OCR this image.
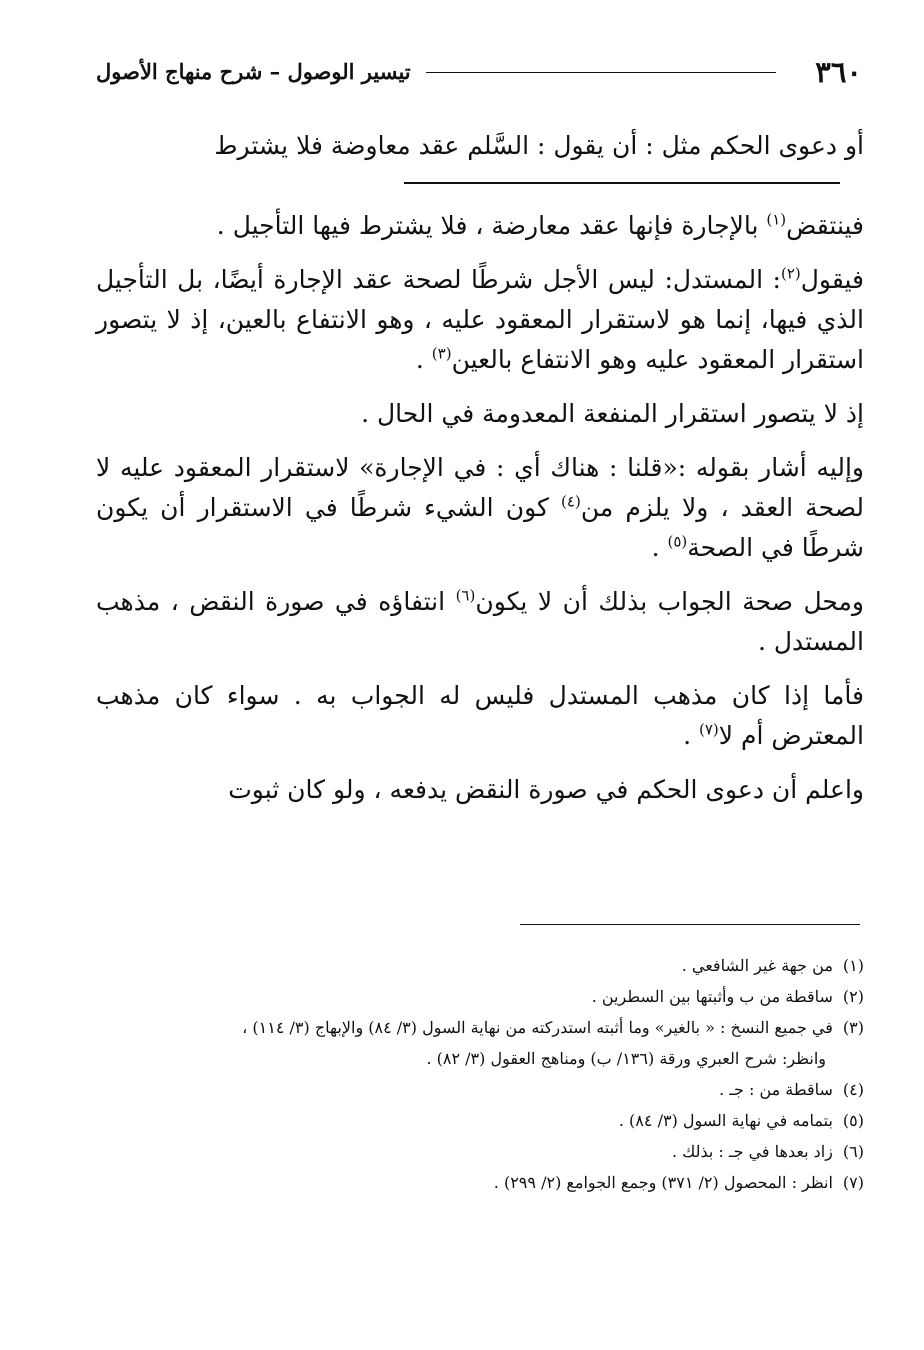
٣٦٠
تيسير الوصول – شرح منهاج الأصول

أو دعوى الحكم مثل : أن يقول : السَّلم عقد معاوضة فلا يشترط

فينتقض$^{(١)}$ بالإجارة فإنها عقد معارضة ، فلا يشترط فيها التأجيل .

فيقول$^{(٢)}$: المستدل: ليس الأجل شرطًا لصحة عقد الإجارة أيضًا، بل التأجيل الذي فيها، إنما هو لاستقرار المعقود عليه ، وهو الانتفاع بالعين، إذ لا يتصور استقرار المعقود عليه وهو الانتفاع بالعين$^{(٣)}$ .

إذ لا يتصور استقرار المنفعة المعدومة في الحال .

وإليه أشار بقوله :«قلنا : هناك أي : في الإجارة» لاستقرار المعقود عليه لا لصحة العقد ، ولا يلزم من$^{(٤)}$ كون الشيء شرطًا في الاستقرار أن يكون شرطًا في الصحة$^{(٥)}$ .

ومحل صحة الجواب بذلك أن لا يكون$^{(٦)}$ انتفاؤه في صورة النقض ، مذهب المستدل .

فأما إذا كان مذهب المستدل فليس له الجواب به . سواء كان مذهب المعترض أم لا$^{(٧)}$ .

واعلم أن دعوى الحكم في صورة النقض يدفعه ، ولو كان ثبوت

(١)من جهة غير الشافعي .

(٢)ساقطة من ب وأثبتها بين السطرين .

(٣)في جميع النسخ : « بالغير» وما أثبته استدركته من نهاية السول (٣/ ٨٤) والإبهاج (٣/ ١١٤) ،

وانظر: شرح العبري ورقة (١٣٦/ ب) ومناهج العقول (٣/ ٨٢) .

(٤)ساقطة من : جـ .

(٥)بتمامه في نهاية السول (٣/ ٨٤) .

(٦)زاد بعدها في جـ : بذلك .

(٧)انظر : المحصول (٢/ ٣٧١) وجمع الجوامع (٢/ ٢٩٩) .
